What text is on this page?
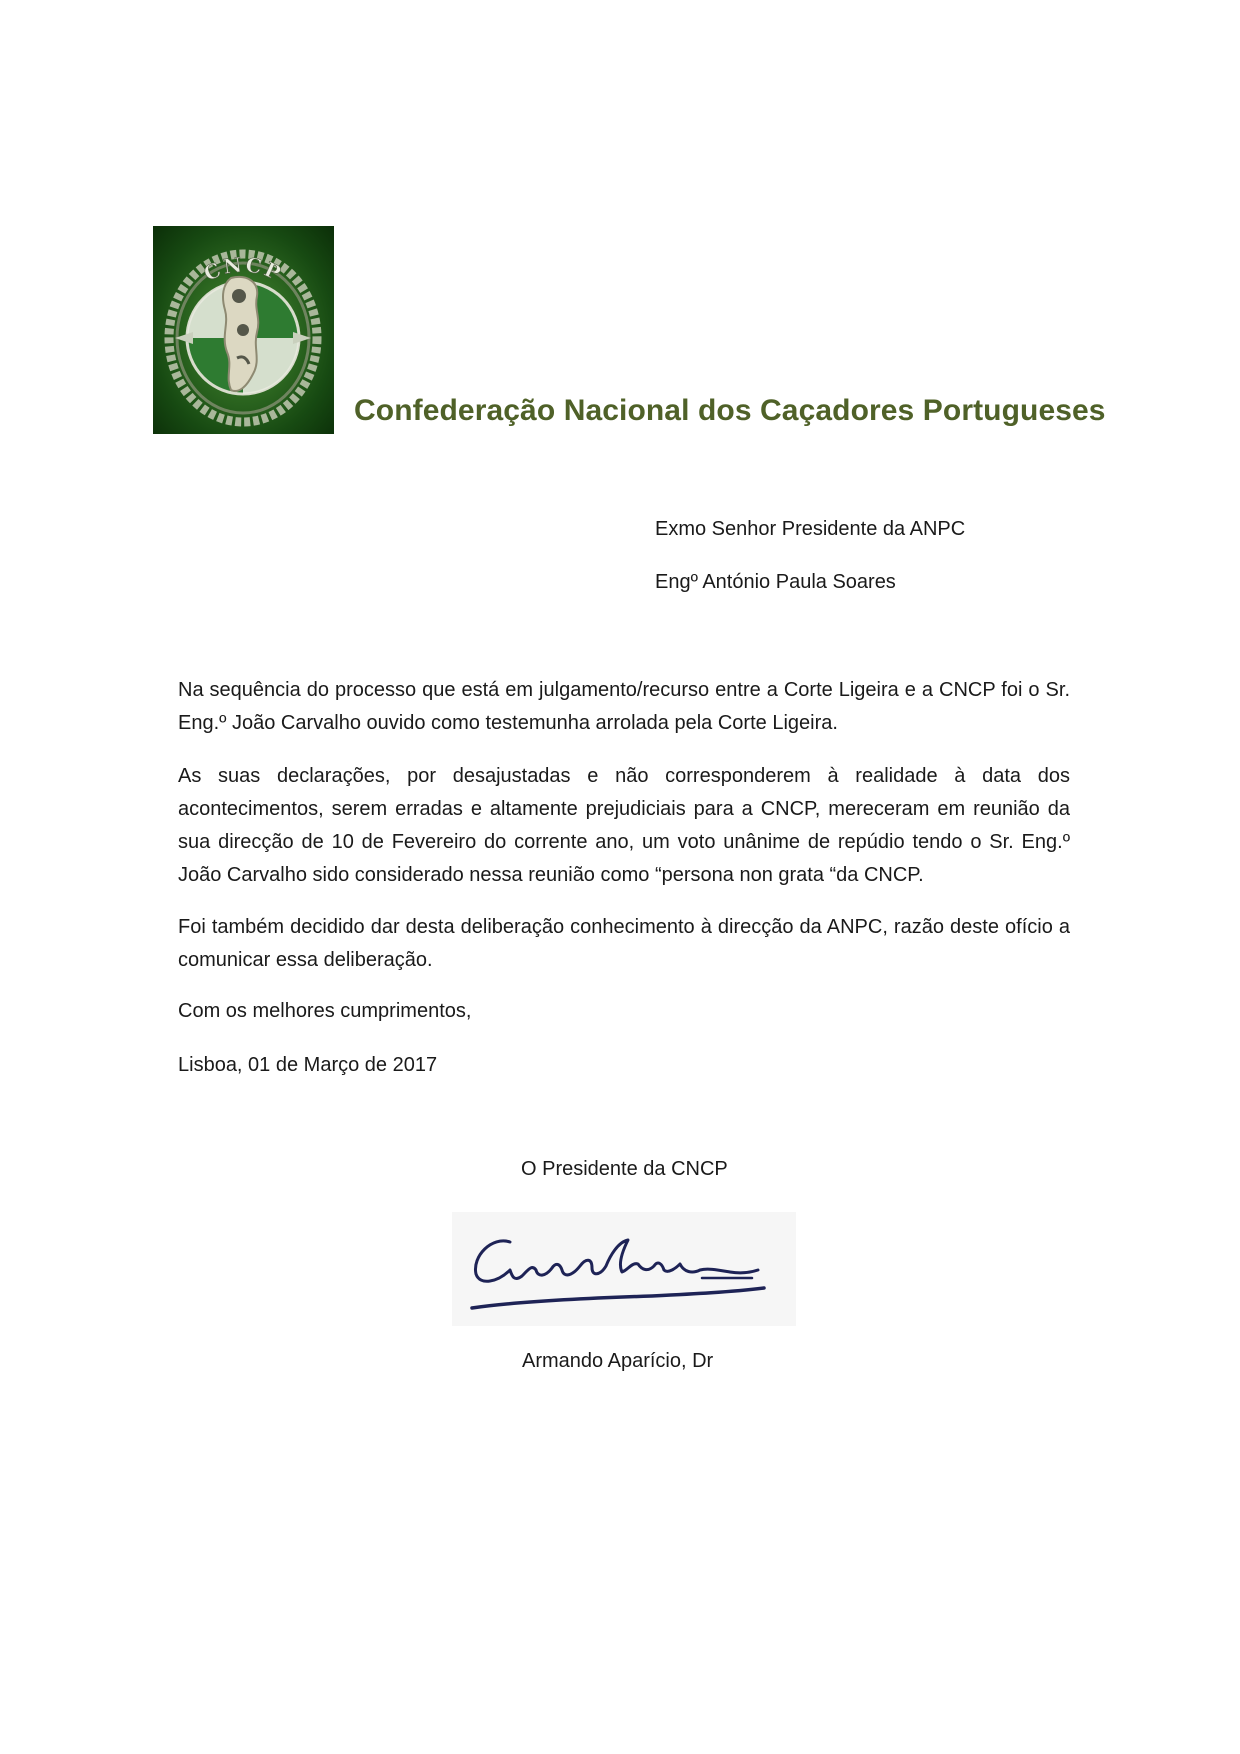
CNCP
Confederação Nacional dos Caçadores Portugueses
Exmo Senhor Presidente da ANPC
Engº António Paula Soares

Na sequência do processo que está em julgamento/recurso entre a Corte Ligeira e a CNCP foi o Sr. Eng.º João Carvalho ouvido como testemunha arrolada pela Corte Ligeira.

As suas declarações, por desajustadas e não corresponderem à realidade à data dos acontecimentos, serem erradas e altamente prejudiciais para a CNCP, mereceram em reunião da sua direcção de 10 de Fevereiro do corrente ano, um voto unânime de repúdio tendo o Sr. Eng.º João Carvalho sido considerado nessa reunião como “persona non grata “da CNCP.

Foi também decidido dar desta deliberação conhecimento à direcção da ANPC, razão deste ofício a comunicar essa deliberação.

Com os melhores cumprimentos,

Lisboa, 01 de Março de 2017

O Presidente da CNCP
Armando Aparício, Dr
